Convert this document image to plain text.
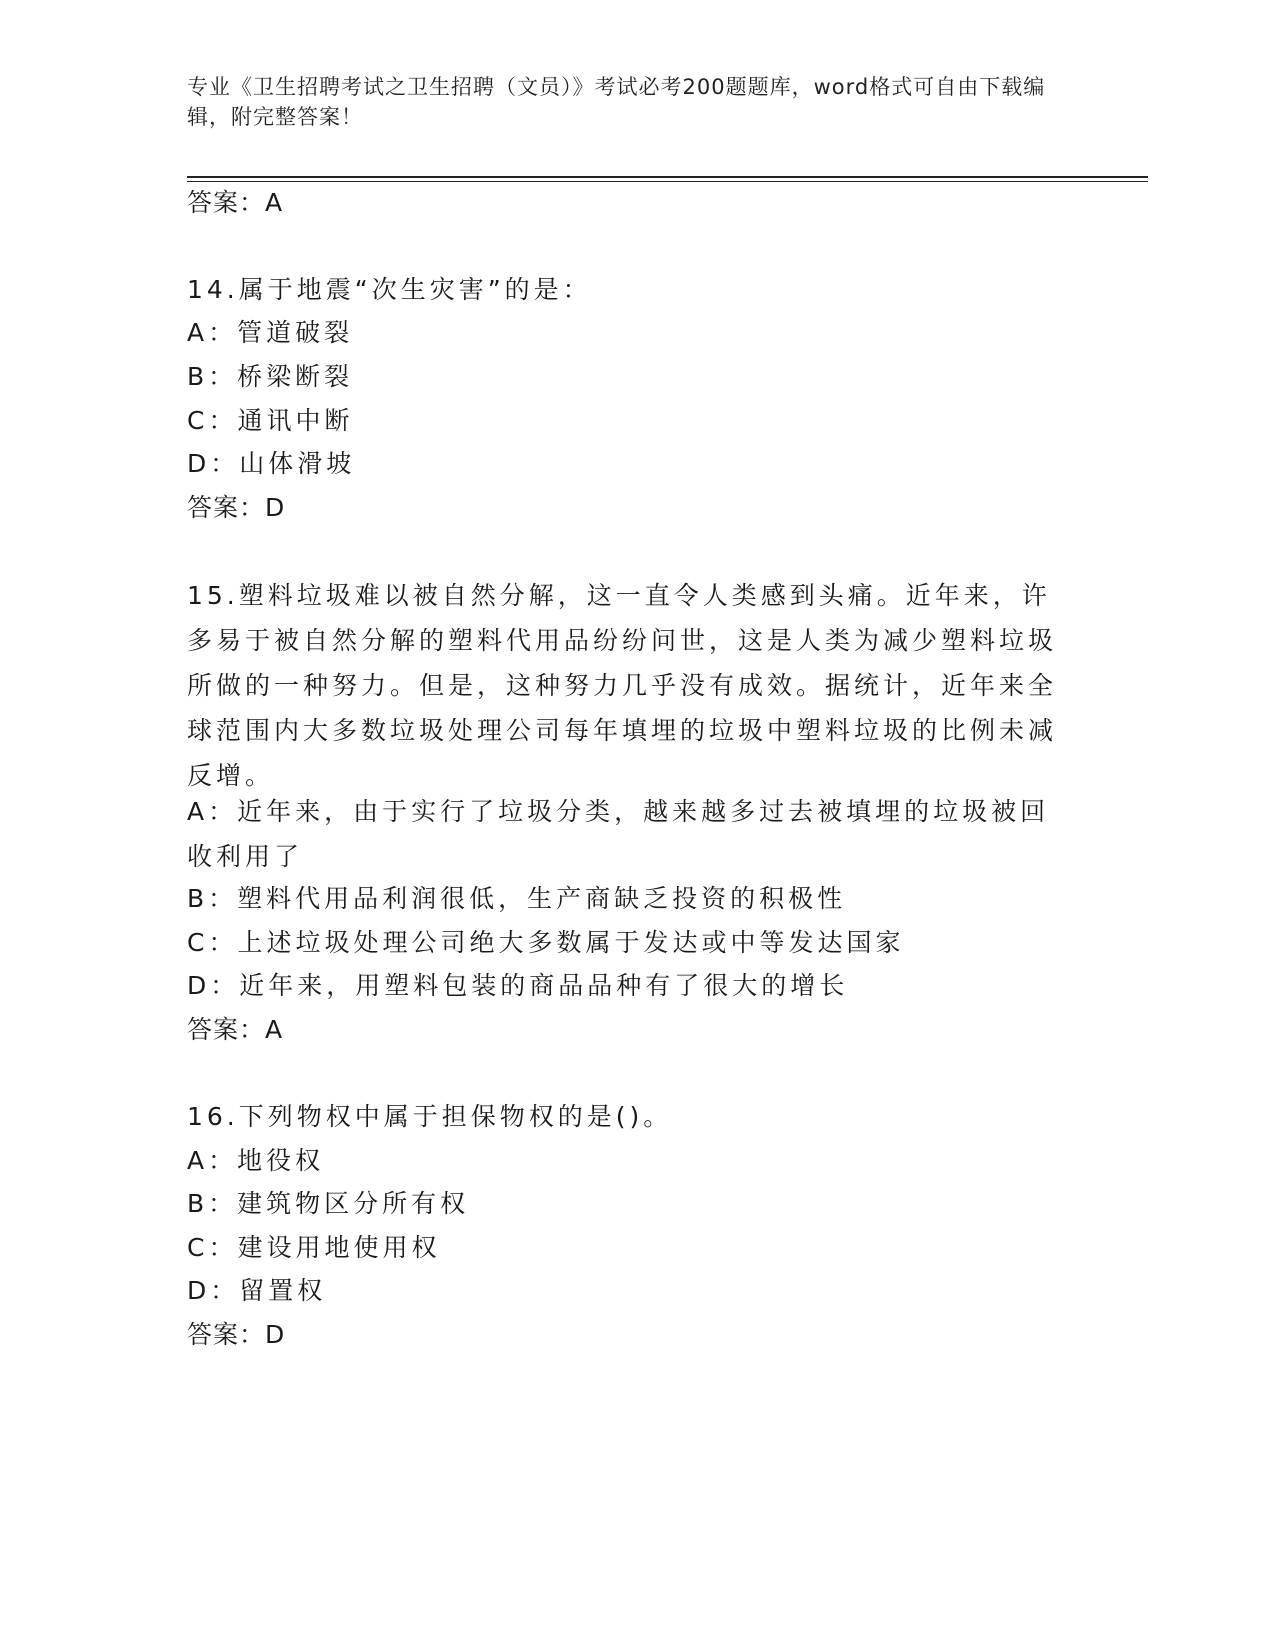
专业《卫生招聘考试之卫生招聘（文员）》考试必考200题题库，word格式可自由下载编辑，附完整答案！
答案：A
14.属于地震“次生灾害”的是：
A：管道破裂
B：桥梁断裂
C：通讯中断
D：山体滑坡
答案：D
15.塑料垃圾难以被自然分解，这一直令人类感到头痛。近年来，许多易于被自然分解的塑料代用品纷纷问世，这是人类为减少塑料垃圾所做的一种努力。但是，这种努力几乎没有成效。据统计，近年来全球范围内大多数垃圾处理公司每年填埋的垃圾中塑料垃圾的比例未减反增。
A：近年来，由于实行了垃圾分类，越来越多过去被填埋的垃圾被回收利用了
B：塑料代用品利润很低，生产商缺乏投资的积极性
C：上述垃圾处理公司绝大多数属于发达或中等发达国家
D：近年来，用塑料包装的商品品种有了很大的增长
答案：A
16.下列物权中属于担保物权的是()。
A：地役权
B：建筑物区分所有权
C：建设用地使用权
D：留置权
答案：D
